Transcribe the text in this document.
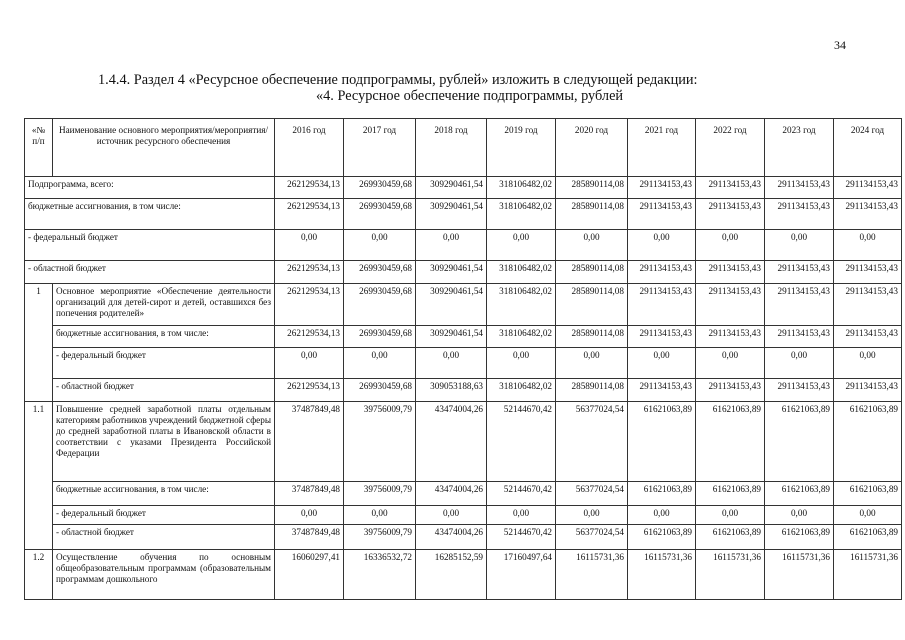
34
1.4.4. Раздел 4 «Ресурсное обеспечение подпрограммы, рублей» изложить в следующей редакции:
«4. Ресурсное обеспечение подпрограммы, рублей
«№ п/п	Наименование основного мероприятия/мероприятия/ источник ресурсного обеспечения	2016 год	2017 год	2018 год	2019 год	2020 год	2021 год	2022 год	2023 год	2024 год
Подпрограмма, всего:		262129534,13	269930459,68	309290461,54	318106482,02	285890114,08	291134153,43	291134153,43	291134153,43	291134153,43
бюджетные ассигнования, в том числе:		262129534,13	269930459,68	309290461,54	318106482,02	285890114,08	291134153,43	291134153,43	291134153,43	291134153,43
- федеральный бюджет		0,00	0,00	0,00	0,00	0,00	0,00	0,00	0,00	0,00
- областной бюджет		262129534,13	269930459,68	309290461,54	318106482,02	285890114,08	291134153,43	291134153,43	291134153,43	291134153,43
1	Основное мероприятие «Обеспечение деятельности организаций для детей-сирот и детей, оставшихся без попечения родителей»	262129534,13	269930459,68	309290461,54	318106482,02	285890114,08	291134153,43	291134153,43	291134153,43	291134153,43
	бюджетные ассигнования, в том числе:	262129534,13	269930459,68	309290461,54	318106482,02	285890114,08	291134153,43	291134153,43	291134153,43	291134153,43
	- федеральный бюджет	0,00	0,00	0,00	0,00	0,00	0,00	0,00	0,00	0,00
	- областной бюджет	262129534,13	269930459,68	309053188,63	318106482,02	285890114,08	291134153,43	291134153,43	291134153,43	291134153,43
1.1	Повышение средней заработной платы отдельным категориям работников учреждений бюджетной сферы до средней заработной платы в Ивановской области в соответствии с указами Президента Российской Федерации	37487849,48	39756009,79	43474004,26	52144670,42	56377024,54	61621063,89	61621063,89	61621063,89	61621063,89
	бюджетные ассигнования, в том числе:	37487849,48	39756009,79	43474004,26	52144670,42	56377024,54	61621063,89	61621063,89	61621063,89	61621063,89
	- федеральный бюджет	0,00	0,00	0,00	0,00	0,00	0,00	0,00	0,00	0,00
	- областной бюджет	37487849,48	39756009,79	43474004,26	52144670,42	56377024,54	61621063,89	61621063,89	61621063,89	61621063,89
1.2	Осуществление обучения по основным общеобразовательным программам (образовательным программам дошкольного	16060297,41	16336532,72	16285152,59	17160497,64	16115731,36	16115731,36	16115731,36	16115731,36	16115731,36
